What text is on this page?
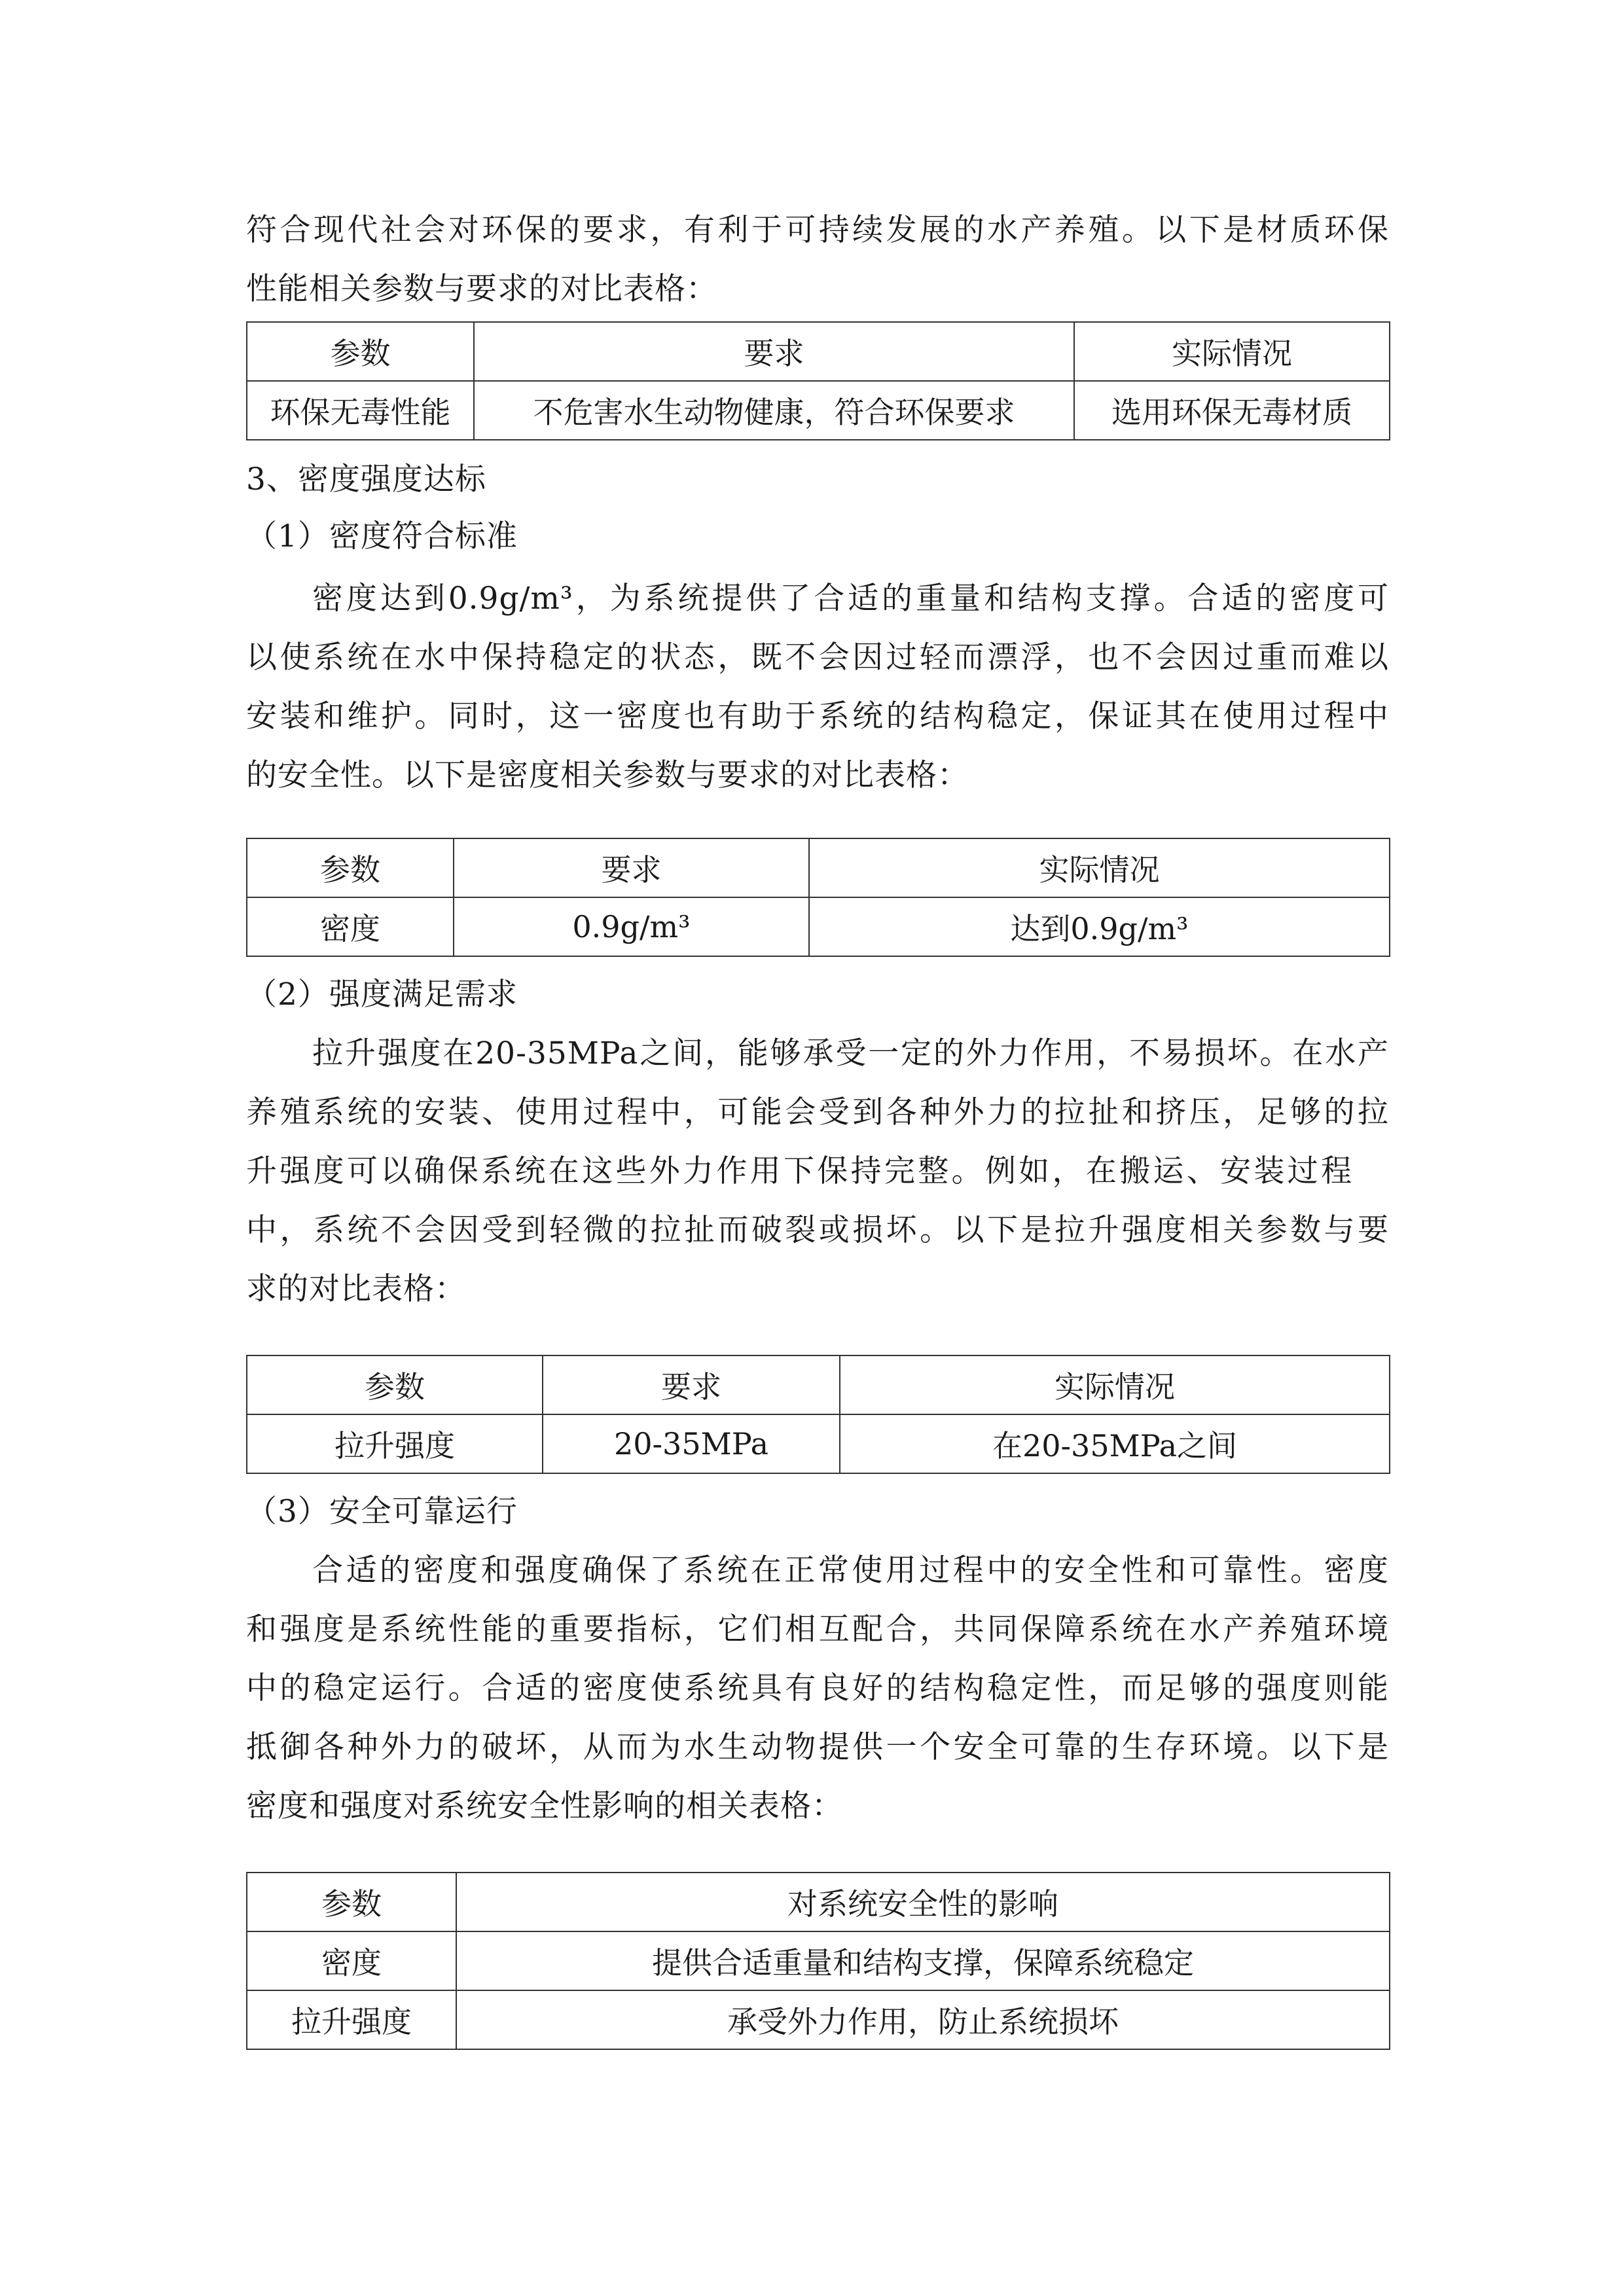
符合现代社会对环保的要求，有利于可持续发展的水产养殖。以下是材质环保
性能相关参数与要求的对比表格：
参数	要求	实际情况
环保无毒性能	不危害水生动物健康，符合环保要求	选用环保无毒材质
3、密度强度达标
（1）密度符合标准
密度达到0.9g/m³，为系统提供了合适的重量和结构支撑。合适的密度可
以使系统在水中保持稳定的状态，既不会因过轻而漂浮，也不会因过重而难以
安装和维护。同时，这一密度也有助于系统的结构稳定，保证其在使用过程中
的安全性。以下是密度相关参数与要求的对比表格：
参数	要求	实际情况
密度	0.9g/m³	达到0.9g/m³
（2）强度满足需求
拉升强度在20-35MPa之间，能够承受一定的外力作用，不易损坏。在水产
养殖系统的安装、使用过程中，可能会受到各种外力的拉扯和挤压，足够的拉
升强度可以确保系统在这些外力作用下保持完整。例如，在搬运、安装过程
中，系统不会因受到轻微的拉扯而破裂或损坏。以下是拉升强度相关参数与要
求的对比表格：
参数	要求	实际情况
拉升强度	20-35MPa	在20-35MPa之间
（3）安全可靠运行
合适的密度和强度确保了系统在正常使用过程中的安全性和可靠性。密度
和强度是系统性能的重要指标，它们相互配合，共同保障系统在水产养殖环境
中的稳定运行。合适的密度使系统具有良好的结构稳定性，而足够的强度则能
抵御各种外力的破坏，从而为水生动物提供一个安全可靠的生存环境。以下是
密度和强度对系统安全性影响的相关表格：
参数	对系统安全性的影响
密度	提供合适重量和结构支撑，保障系统稳定
拉升强度	承受外力作用，防止系统损坏
